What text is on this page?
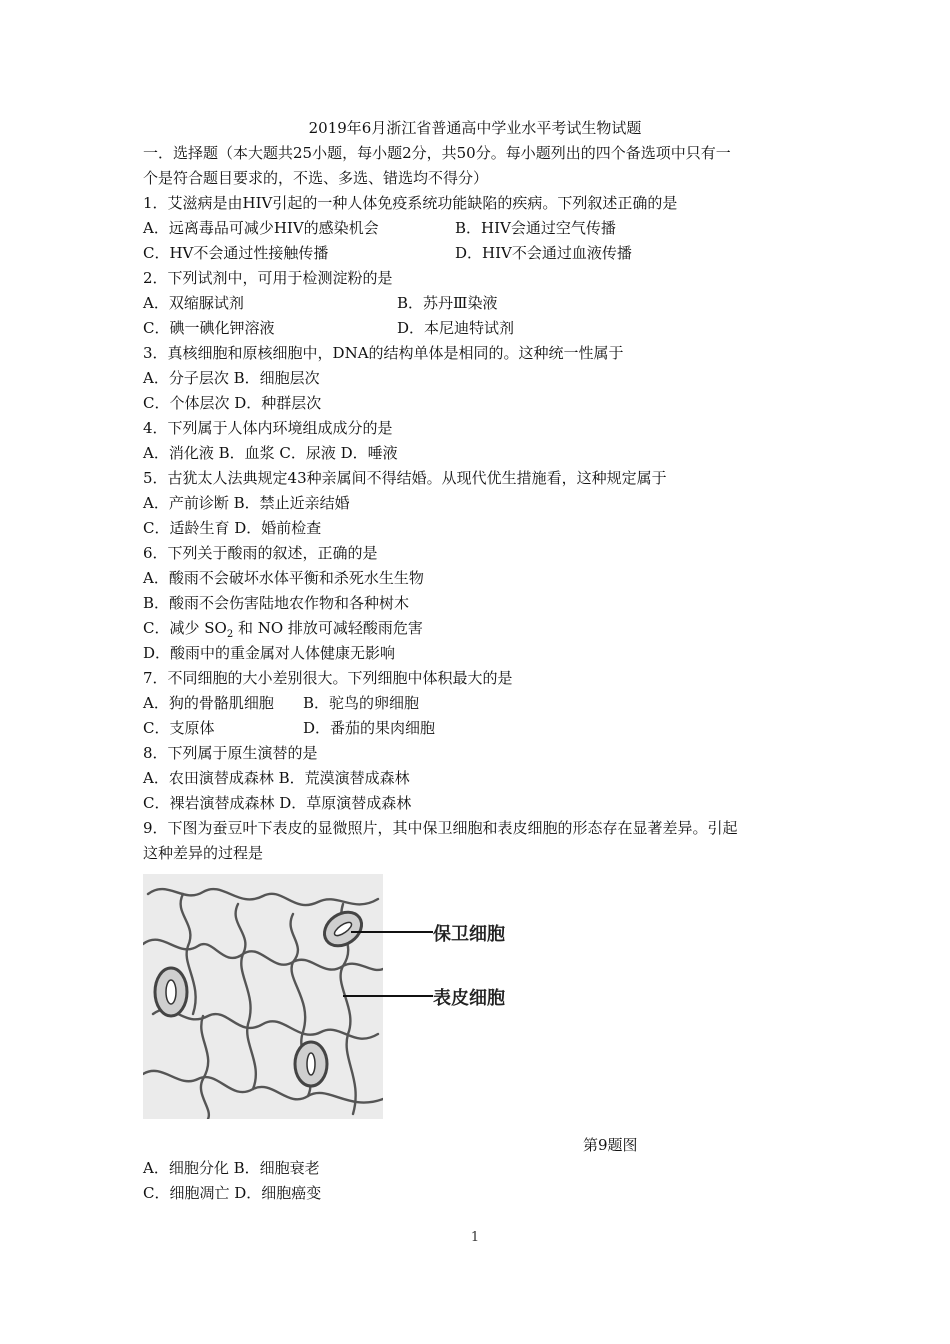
2019年6月浙江省普通高中学业水平考试生物试题
一．选择题（本大题共25小题，每小题2分，共50分。每小题列出的四个备选项中只有一
个是符合题目要求的，不选、多选、错选均不得分）
1．艾滋病是由HIV引起的一种人体免疫系统功能缺陷的疾病。下列叙述正确的是
A．远离毒品可减少HIV的感染机会	B．HIV会通过空气传播
C．HV不会通过性接触传播	D．HIV不会通过血液传播
2．下列试剂中，可用于检测淀粉的是
A．双缩脲试剂	B．苏丹Ⅲ染液
C．碘一碘化钾溶液	D．本尼迪特试剂
3．真核细胞和原核细胞中，DNA的结构单体是相同的。这种统一性属于
A．分子层次 B．细胞层次
C．个体层次 D．种群层次
4．下列属于人体内环境组成成分的是
A．消化液 B．血浆 C．尿液 D．唾液
5．古犹太人法典规定43种亲属间不得结婚。从现代优生措施看，这种规定属于
A．产前诊断 B．禁止近亲结婚
C．适龄生育 D．婚前检查
6．下列关于酸雨的叙述，正确的是
A．酸雨不会破坏水体平衡和杀死水生生物
B．酸雨不会伤害陆地农作物和各种树木
C．减少 $SO_2$ 和 NO 排放可减轻酸雨危害
D．酸雨中的重金属对人体健康无影响
7．不同细胞的大小差别很大。下列细胞中体积最大的是
A．狗的骨骼肌细胞	B．驼鸟的卵细胞
C．支原体	D．番茄的果肉细胞
8．下列属于原生演替的是
A．农田演替成森林 B．荒漠演替成森林
C．裸岩演替成森林 D．草原演替成森林
9．下图为蚕豆叶下表皮的显微照片，其中保卫细胞和表皮细胞的形态存在显著差异。引起
这种差异的过程是
保卫细胞
表皮细胞
第9题图
A．细胞分化 B．细胞衰老
C．细胞凋亡 D．细胞癌变
1
